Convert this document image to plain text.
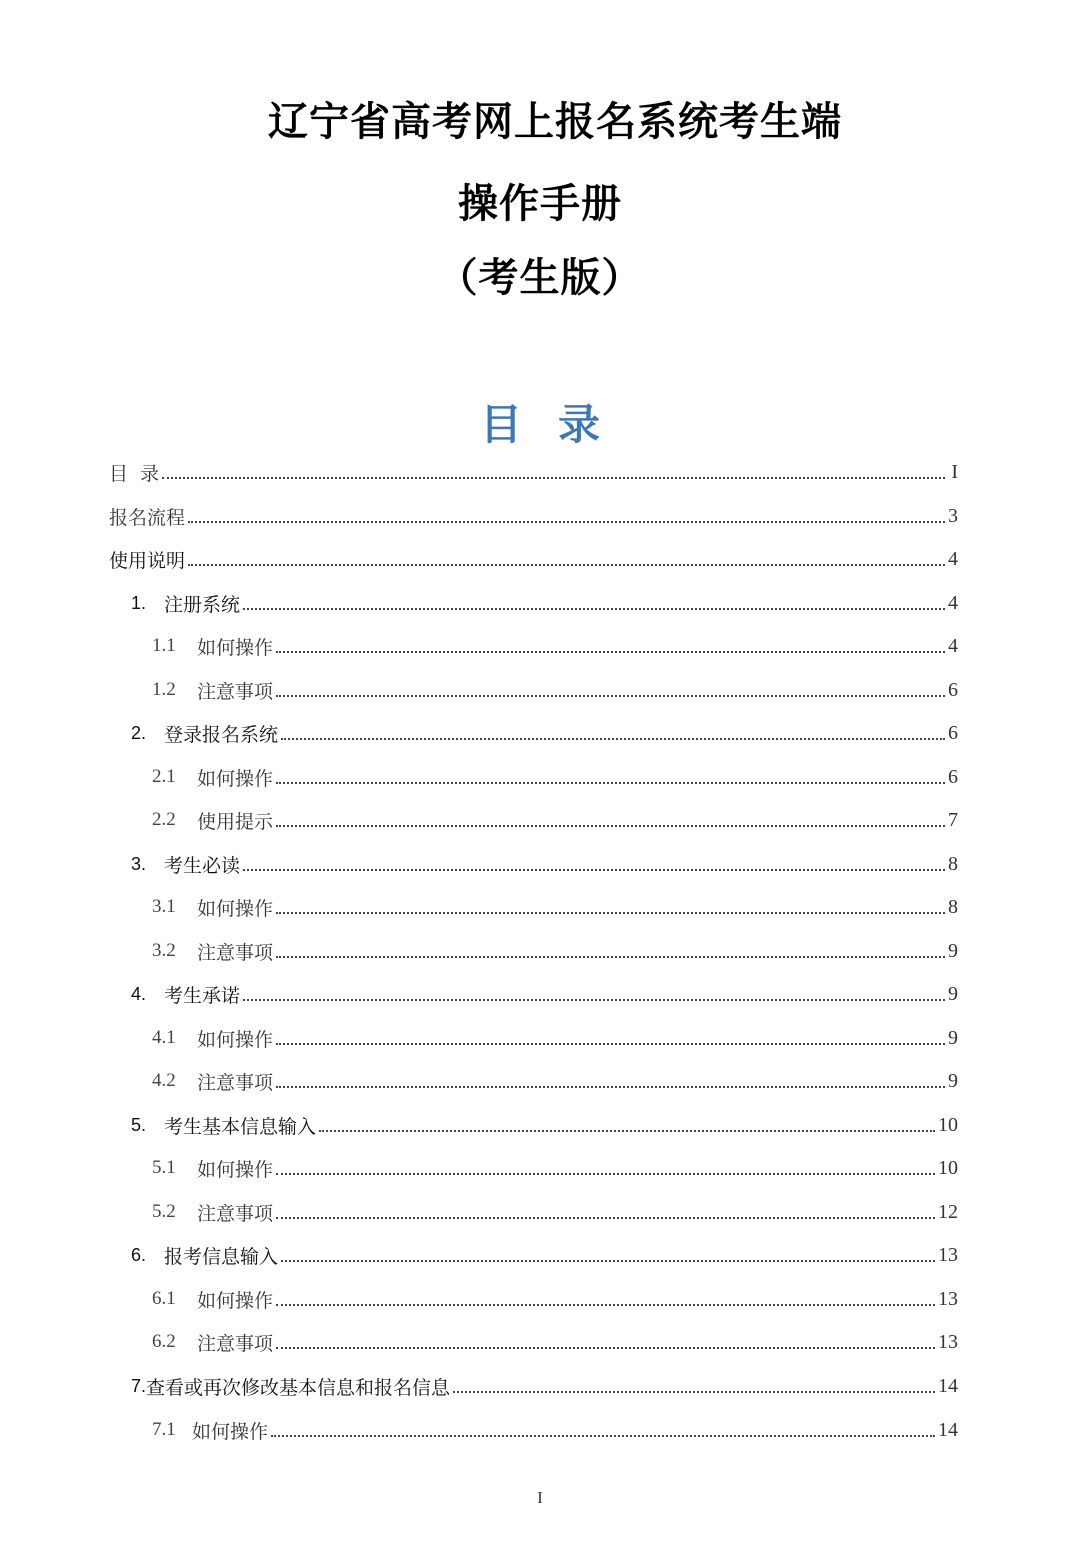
辽宁省高考网上报名系统考生端
操作手册
（考生版）
目录
目  录	I
报名流程	3
使用说明	4
1. 注册系统	4
1.1	如何操作	4
1.2	注意事项	6
2. 登录报名系统	6
2.1	如何操作	6
2.2	使用提示	7
3. 考生必读	8
3.1	如何操作	8
3.2	注意事项	9
4. 考生承诺	9
4.1	如何操作	9
4.2	注意事项	9
5. 考生基本信息输入	10
5.1	如何操作	10
5.2	注意事项	12
6. 报考信息输入	13
6.1	如何操作	13
6.2	注意事项	13
7. 查看或再次修改基本信息和报名信息	14
7.1 如何操作	14

I
